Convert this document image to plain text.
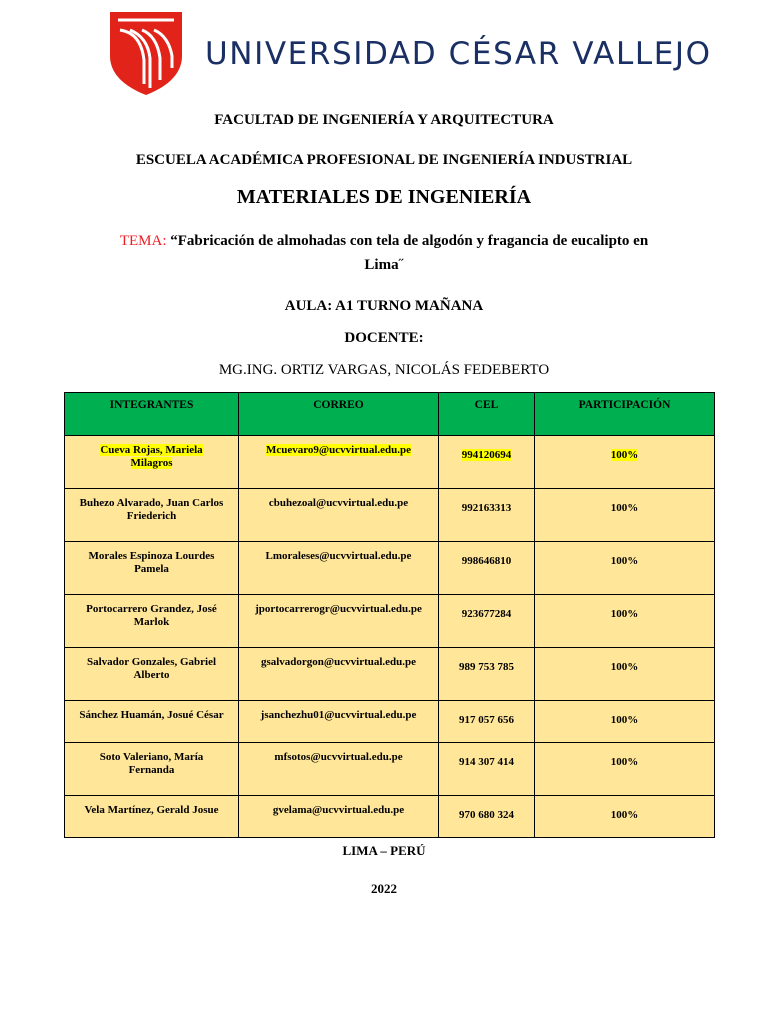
UNIVERSIDAD CÉSAR VALLEJO
FACULTAD DE INGENIERÍA Y ARQUITECTURA
ESCUELA ACADÉMICA PROFESIONAL DE INGENIERÍA INDUSTRIAL
MATERIALES DE INGENIERÍA
TEMA: “Fabricación de almohadas con tela de algodón y fragancia de eucalipto en
Lima˝
AULA: A1 TURNO MAÑANA
DOCENTE:
MG.ING. ORTIZ VARGAS, NICOLÁS FEDEBERTO
INTEGRANTES	CORREO	CEL	PARTICIPACIÓN
Cueva Rojas, Mariela Milagros	Mcuevaro9@ucvvirtual.edu.pe	994120694	100%
Buhezo Alvarado, Juan Carlos Friederich	cbuhezoal@ucvvirtual.edu.pe	992163313	100%
Morales Espinoza Lourdes Pamela	Lmoraleses@ucvvirtual.edu.pe	998646810	100%
Portocarrero Grandez, José Marlok	jportocarrerogr@ucvvirtual.edu.pe	923677284	100%
Salvador Gonzales, Gabriel Alberto	gsalvadorgon@ucvvirtual.edu.pe	989 753 785	100%
Sánchez Huamán, Josué César	jsanchezhu01@ucvvirtual.edu.pe	917 057 656	100%
Soto Valeriano, María Fernanda	mfsotos@ucvvirtual.edu.pe	914 307 414	100%
Vela Martínez, Gerald Josue	gvelama@ucvvirtual.edu.pe	970 680 324	100%
LIMA – PERÚ
2022
